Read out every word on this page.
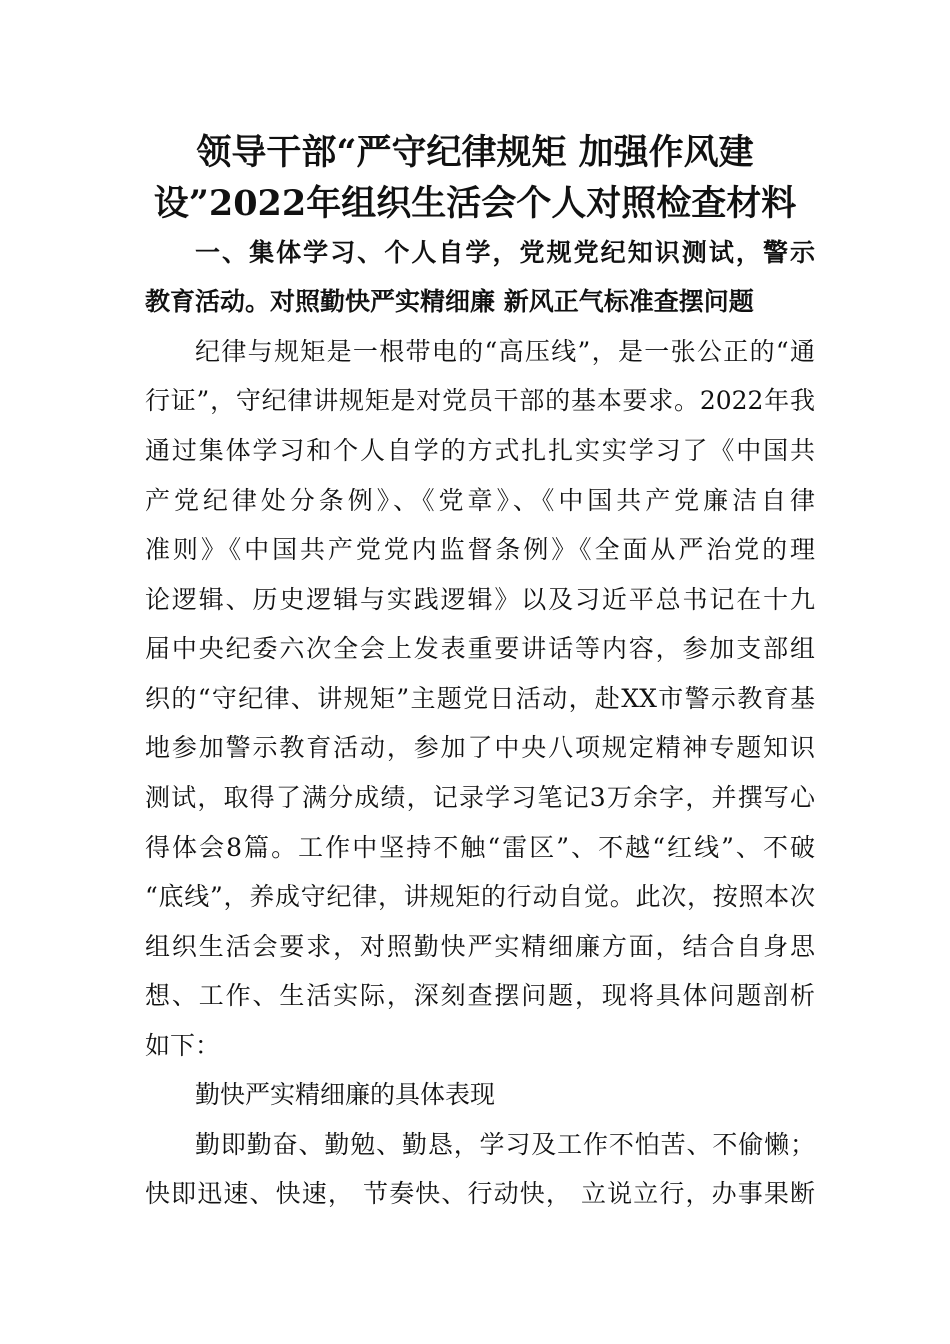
领导干部“严守纪律规矩 加强作风建
设”2022年组织生活会个人对照检查材料
一、集体学习、个人自学，党规党纪知识测试，警示
教育活动。对照勤快严实精细廉 新风正气标准查摆问题
纪律与规矩是一根带电的“高压线”，是一张公正的“通
行证”，守纪律讲规矩是对党员干部的基本要求。2022年我
通过集体学习和个人自学的方式扎扎实实学习了《中国共
产党纪律处分条例》、《党章》、《中国共产党廉洁自律
准则》《中国共产党党内监督条例》《全面从严治党的理
论逻辑、历史逻辑与实践逻辑》以及习近平总书记在十九
届中央纪委六次全会上发表重要讲话等内容，参加支部组
织的“守纪律、讲规矩”主题党日活动，赴XX市警示教育基
地参加警示教育活动，参加了中央八项规定精神专题知识
测试，取得了满分成绩，记录学习笔记3万余字，并撰写心
得体会8篇。工作中坚持不触“雷区”、不越“红线”、不破
“底线”，养成守纪律，讲规矩的行动自觉。此次，按照本次
组织生活会要求，对照勤快严实精细廉方面，结合自身思
想、工作、生活实际，深刻查摆问题，现将具体问题剖析
如下：
勤快严实精细廉的具体表现
勤即勤奋、勤勉、勤恳，学习及工作不怕苦、不偷懒；
快即迅速、快速， 节奏快、行动快， 立说立行，办事果断
